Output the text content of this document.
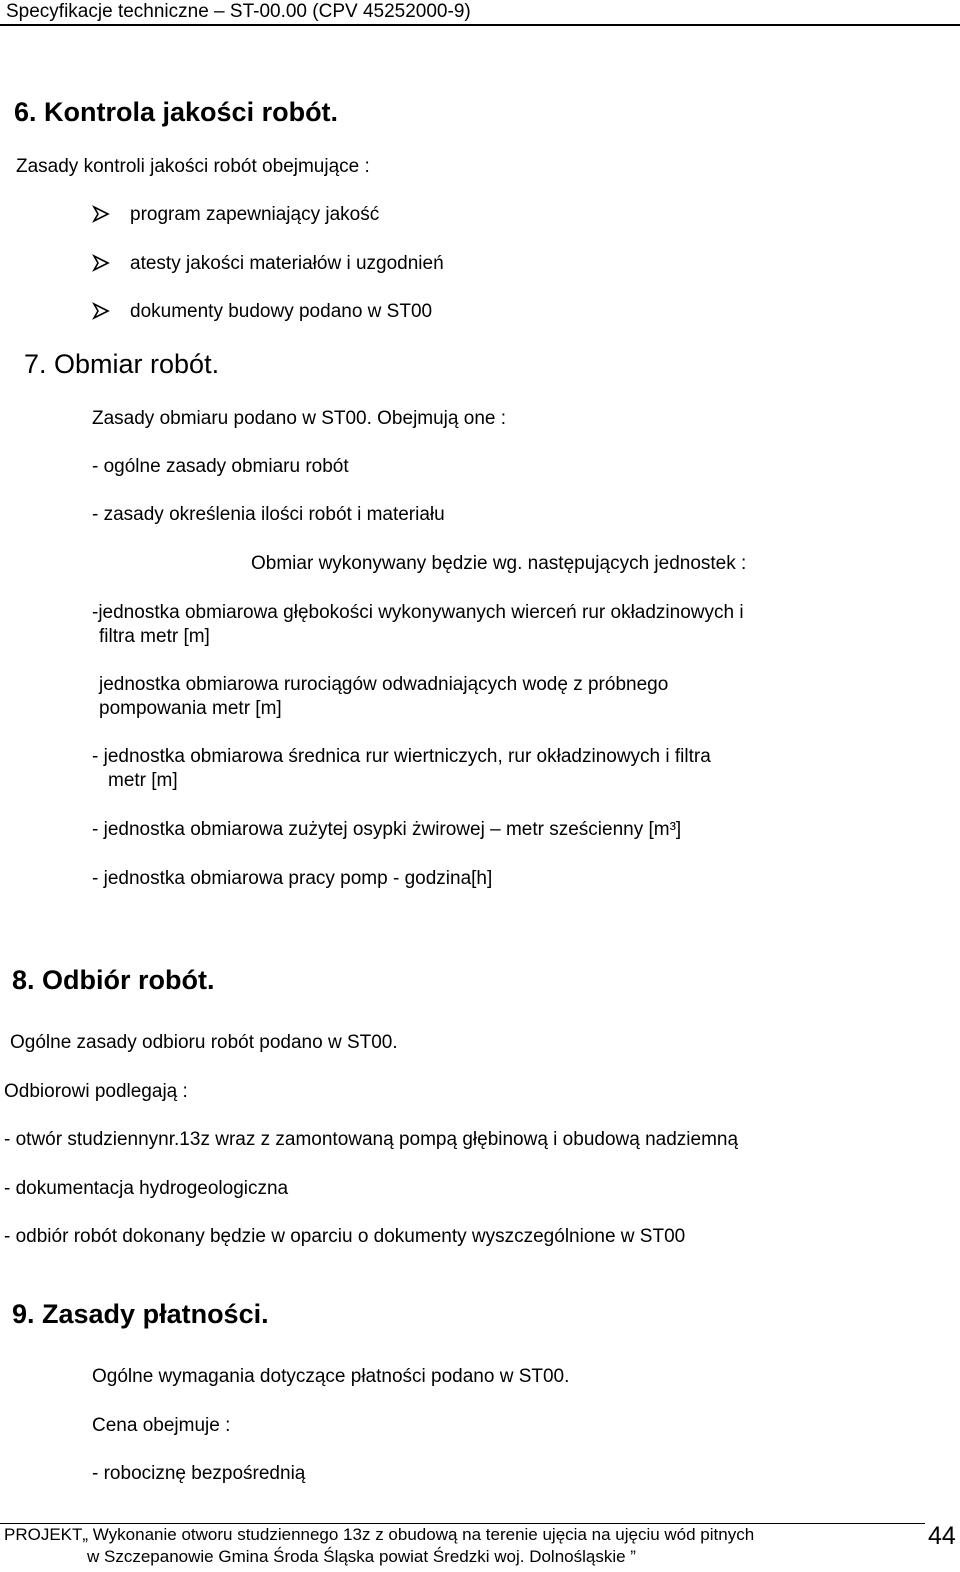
Specyfikacje techniczne – ST-00.00 (CPV 45252000-9)
6. Kontrola jakości robót.
Zasady kontroli jakości robót obejmujące :
program zapewniający jakość
atesty jakości materiałów i uzgodnień
dokumenty budowy podano w ST00
7. Obmiar robót.
Zasady obmiaru podano w ST00. Obejmują one :
- ogólne zasady obmiaru robót
- zasady określenia ilości robót i materiału
Obmiar wykonywany będzie wg. następujących jednostek :
-jednostka obmiarowa głębokości wykonywanych wierceń rur okładzinowych i
filtra metr [m]
jednostka obmiarowa rurociągów odwadniających wodę z próbnego
pompowania metr [m]
- jednostka obmiarowa średnica rur wiertniczych, rur okładzinowych i filtra
metr [m]
- jednostka obmiarowa zużytej osypki żwirowej – metr sześcienny [m³]
- jednostka obmiarowa pracy pomp - godzina[h]
8. Odbiór robót.
Ogólne zasady odbioru robót podano w ST00.
Odbiorowi podlegają :
- otwór studziennynr.13z wraz z zamontowaną pompą głębinową i obudową nadziemną
- dokumentacja hydrogeologiczna
- odbiór robót dokonany będzie w oparciu o dokumenty wyszczególnione w ST00
9. Zasady płatności.
Ogólne wymagania dotyczące płatności podano w ST00.
Cena obejmuje :
- robociznę bezpośrednią
PROJEKT„ Wykonanie otworu studziennego 13z z obudową na terenie ujęcia na ujęciu wód pitnych
w Szczepanowie Gmina Środa Śląska powiat Średzki woj. Dolnośląskie ”
44
